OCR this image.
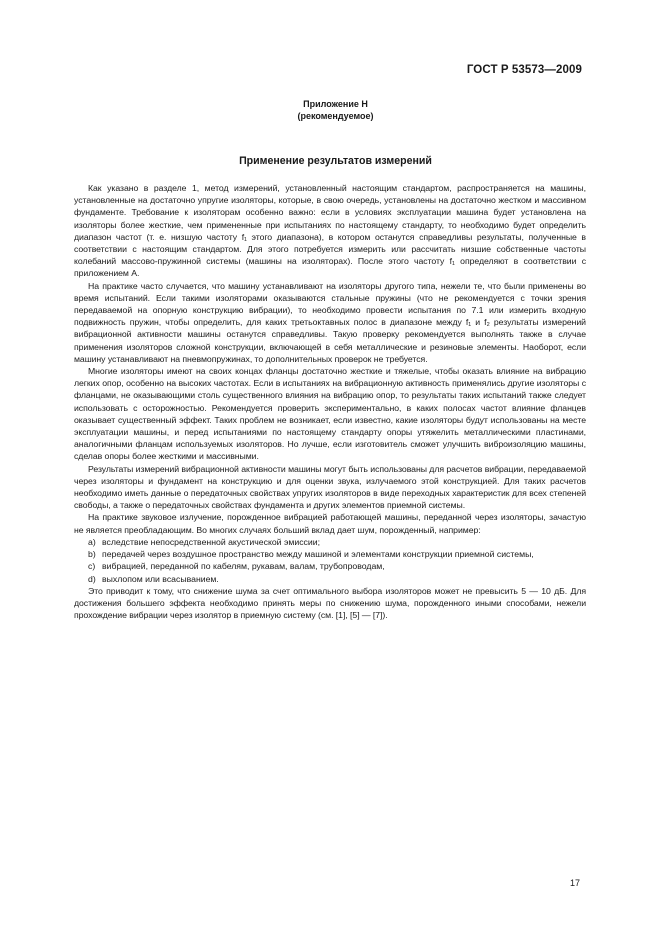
ГОСТ Р 53573—2009
Приложение Н
(рекомендуемое)
Применение результатов измерений

Как указано в разделе 1, метод измерений, установленный настоящим стандартом, распространяется на машины, установленные на достаточно упругие изоляторы, которые, в свою очередь, установлены на достаточно жестком и массивном фундаменте. Требование к изоляторам особенно важно: если в условиях эксплуатации машина будет установлена на изоляторы более жесткие, чем примененные при испытаниях по настоящему стандарту, то необходимо будет определить диапазон частот (т. е. низшую частоту f₁ этого диапазона), в котором останутся справедливы результаты, полученные в соответствии с настоящим стандартом. Для этого потребуется измерить или рассчитать низшие собственные частоты колебаний массово-пружинной системы (машины на изоляторах). После этого частоту f₁ определяют в соответствии с приложением А.

На практике часто случается, что машину устанавливают на изоляторы другого типа, нежели те, что были применены во время испытаний. Если такими изоляторами оказываются стальные пружины (что не рекомендуется с точки зрения передаваемой на опорную конструкцию вибрации), то необходимо провести испытания по 7.1 или измерить входную подвижность пружин, чтобы определить, для каких третьоктавных полос в диапазоне между f₁ и f₂ результаты измерений вибрационной активности машины останутся справедливы. Такую проверку рекомендуется выполнять также в случае применения изоляторов сложной конструкции, включающей в себя металлические и резиновые элементы. Наоборот, если машину устанавливают на пневмопружинах, то дополнительных проверок не требуется.

Многие изоляторы имеют на своих концах фланцы достаточно жесткие и тяжелые, чтобы оказать влияние на вибрацию легких опор, особенно на высоких частотах. Если в испытаниях на вибрационную активность применялись другие изоляторы с фланцами, не оказывающими столь существенного влияния на вибрацию опор, то результаты таких испытаний также следует использовать с осторожностью. Рекомендуется проверить экспериментально, в каких полосах частот влияние фланцев оказывает существенный эффект. Таких проблем не возникает, если известно, какие изоляторы будут использованы на месте эксплуатации машины, и перед испытаниями по настоящему стандарту опоры утяжелить металлическими пластинами, аналогичными фланцам используемых изоляторов. Но лучше, если изготовитель сможет улучшить виброизоляцию машины, сделав опоры более жесткими и массивными.

Результаты измерений вибрационной активности машины могут быть использованы для расчетов вибрации, передаваемой через изоляторы и фундамент на конструкцию и для оценки звука, излучаемого этой конструкцией. Для таких расчетов необходимо иметь данные о передаточных свойствах упругих изоляторов в виде переходных характеристик для всех степеней свободы, а также о передаточных свойствах фундамента и других элементов приемной системы.

На практике звуковое излучение, порожденное вибрацией работающей машины, переданной через изоляторы, зачастую не является преобладающим. Во многих случаях больший вклад дает шум, порожденный, например:

a) вследствие непосредственной акустической эмиссии;
b) передачей через воздушное пространство между машиной и элементами конструкции приемной системы,
c) вибрацией, переданной по кабелям, рукавам, валам, трубопроводам,
d) выхлопом или всасыванием.

Это приводит к тому, что снижение шума за счет оптимального выбора изоляторов может не превысить 5 — 10 дБ. Для достижения большего эффекта необходимо принять меры по снижению шума, порожденного иными способами, нежели прохождение вибрации через изолятор в приемную систему (см. [1], [5] — [7]).

17
